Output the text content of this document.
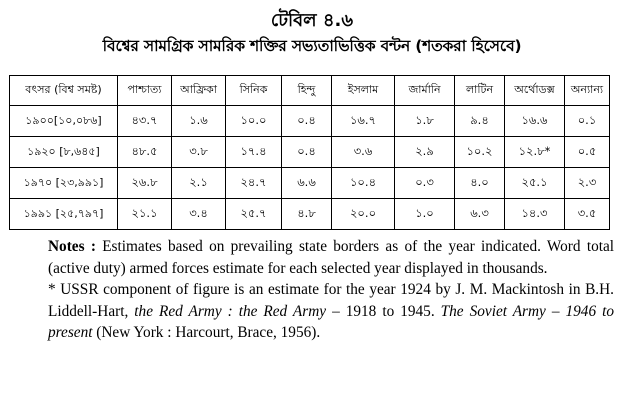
টেবিল ৪.৬
বিশ্বের সামগ্রিক সামরিক শক্তির সভ্যতাভিত্তিক বন্টন (শতকরা হিসেবে)
বৎসর (বিশ্ব সমষ্ট)	পাশ্চাত্য	আফ্রিকা	সিনিক	হিন্দু	ইসলাম	জার্মানি	লাটিন	অর্থোডক্স	অন্যান্য
১৯০০[১০,০৮৬]	৪৩.৭	১.৬	১০.০	০.৪	১৬.৭	১.৮	৯.৪	১৬.৬	০.১
১৯২০ [৮,৬৪৫]	৪৮.৫	৩.৮	১৭.৪	০.৪	৩.৬	২.৯	১০.২	১২.৮*	০.৫
১৯৭০ [২৩,৯৯১]	২৬.৮	২.১	২৪.৭	৬.৬	১০.৪	০.৩	৪.০	২৫.১	২.৩
১৯৯১ [২৫,৭৯৭]	২১.১	৩.৪	২৫.৭	৪.৮	২০.০	১.০	৬.৩	১৪.৩	৩.৫

Notes : Estimates based on prevailing state borders as of the year indicated. Word total (active duty) armed forces estimate for each selected year displayed in thousands.

* USSR component of figure is an estimate for the year 1924 by J. M. Mackintosh in B.H. Liddell-Hart, the Red Army : the Red Army – 1918 to 1945. The Soviet Army – 1946 to present (New York : Harcourt, Brace, 1956).
